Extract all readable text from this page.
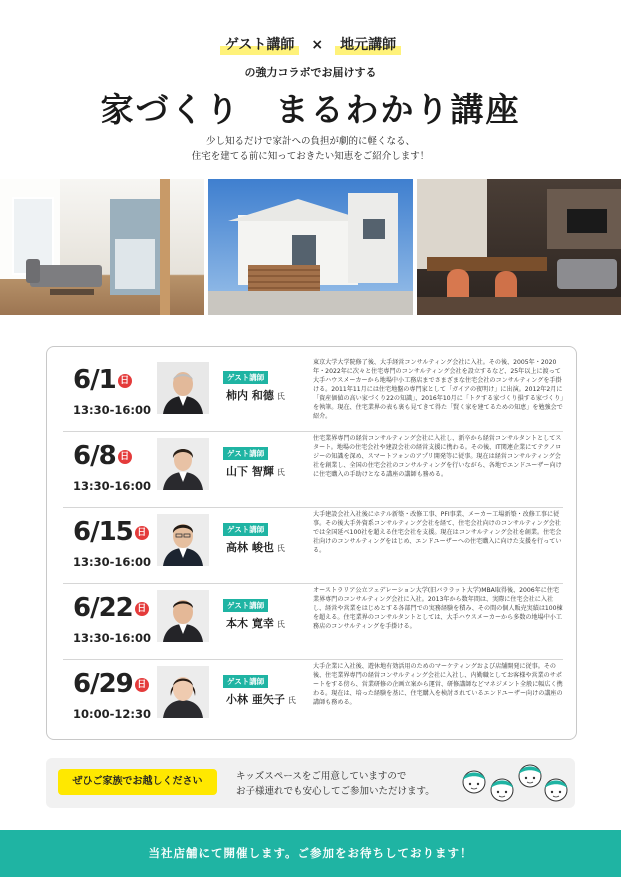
ゲスト講師	×	地元講師
の強力コラボでお届けする
家づくり　まるわかり講座
少し知るだけで家計への負担が劇的に軽くなる、
住宅を建てる前に知っておきたい知恵をご紹介します！
6/1 日
13:30-16:00
ゲスト講師
柿内 和德 氏
東京大学大学院修了後、大手経営コンサルティング会社に入社。その後、2005年・2020年・2022年に次々と住宅専門のコンサルティング会社を設立するなど、25年以上に渡って大手ハウスメーカーから地場中小工務店までさまざまな住宅会社のコンサルティングを手掛ける。2011年11月には住宅地盤の専門家として「ガイアの夜明け」に出演。2012年2月に「資産価値の高い家づくり22の知識」、2016年10月に「トクする家づくり損する家づくり」を執筆。現在、住宅業界の表も裏も見てきて得た「賢く家を建てるための知恵」を勉強会で紹介。
6/8 日
13:30-16:00
ゲスト講師
山下 智輝 氏
住宅業界専門の経営コンサルティング会社に入社し、新卒から経営コンサルタントとしてスタート。地場の住宅会社や建設会社の経営支援に携わる。その後、IT関連企業にてテクノロジーの知識を深め、スマートフォンのアプリ開発等に従事。現在は経営コンサルティング会社を創業し、全国の住宅会社のコンサルティングを行いながら、各地でエンドユーザー向けに住宅購入の手助けとなる講座の講師も務める。
6/15 日
13:30-16:00
ゲスト講師
高林 峻也 氏
大手建設会社入社後にホテル新築・改修工事、PFI事業、メーカー工場新築・改修工事に従事。その後大手外資系コンサルティング会社を経て、住宅会社向けのコンサルティング会社では全国延べ100社を超える住宅会社を支援。現在はコンサルティング会社を創業。住宅会社向けのコンサルティングをはじめ、エンドユーザーへの住宅購入に向けた支援を行っている。
6/22 日
13:30-16:00
ゲスト講師
本木 寛幸 氏
オーストラリア公立フェデレーション大学(旧バララット大学)MBA取得後、2006年に住宅業界専門のコンサルティング会社に入社。2013年から数年間は、実際に住宅会社に入社し、経営や営業をはじめとする各部門での実務経験を積み、その間の個人販売実績は100棟を超える。住宅業界のコンサルタントとしては、大手ハウスメーカーから多数の地場中小工務店のコンサルティングを手掛ける。
6/29 日
10:00-12:30
ゲスト講師
小林 亜矢子 氏
大手企業に入社後、遊休地有効活用のためのマーケティングおよび店舗開発に従事。その後、住宅業界専門の経営コンサルティング会社に入社し、内勤職としてお客様や営業のサポートをする傍ら、営業研修の企画立案から運営、研修講師などマネジメント全般に幅広く携わる。現在は、培った経験を基に、住宅購入を検討されているエンドユーザー向けの講座の講師も務める。
ぜひご家族でお越しください	キッズスペースをご用意していますので
お子様連れでも安心してご参加いただけます。
当社店舗にて開催します。ご参加をお待ちしております！
